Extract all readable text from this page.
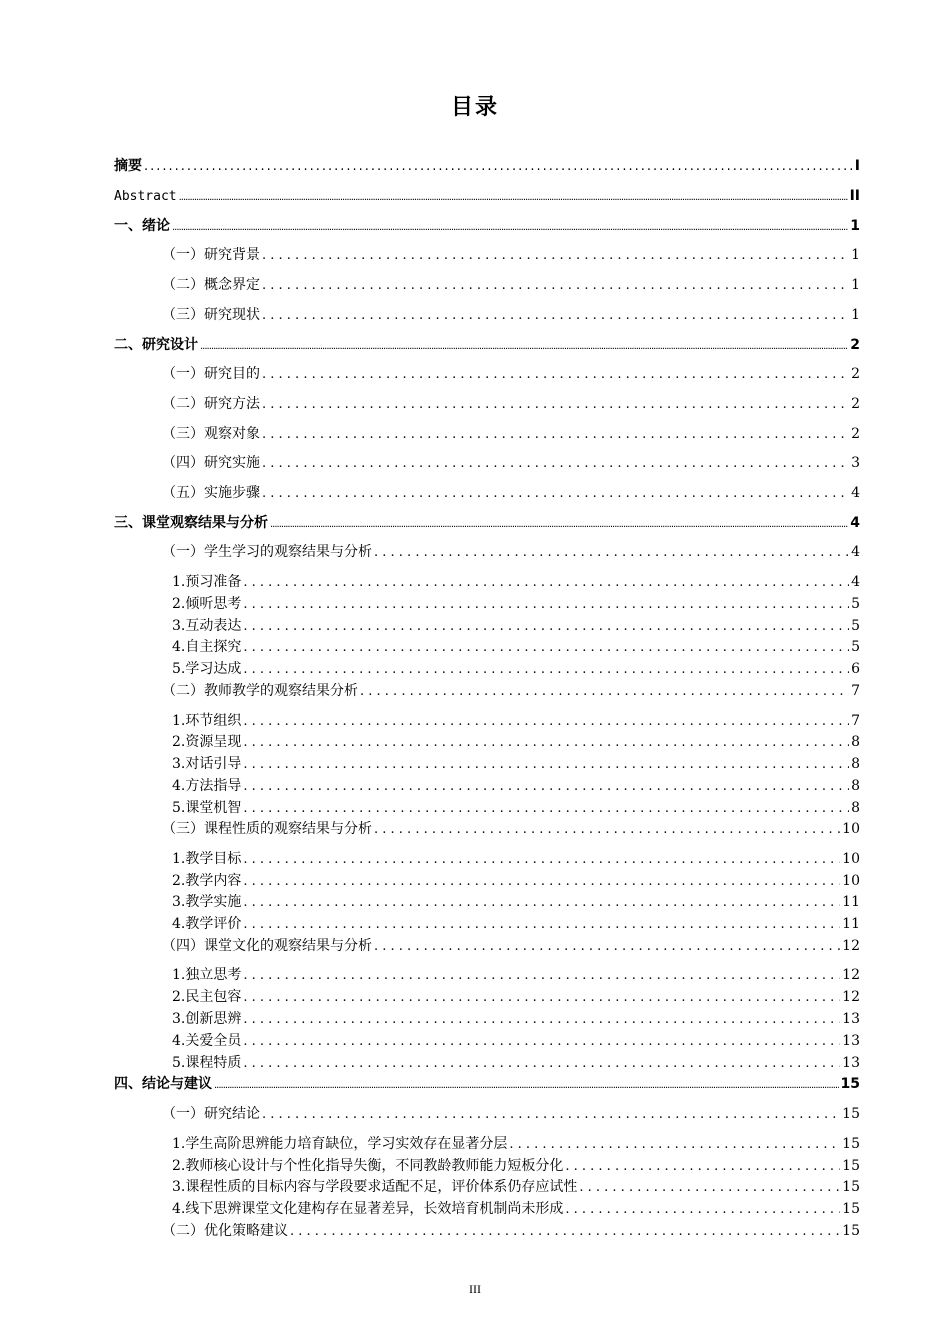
目录
摘要 .....	I
Abstract .....	II
一、绪论 .....	1
（一）研究背景 . . .	1
（二）概念界定 . . .	1
（三）研究现状 . . .	1
二、研究设计 .....	2
（一）研究目的 . . .	2
（二）研究方法 . . .	2
（三）观察对象 . . .	2
（四）研究实施 . . .	3
（五）实施步骤 . . .	4
三、课堂观察结果与分析 .....	4
（一）学生学习的观察结果与分析 . . .	4
1.预习准备 . . .	4
2.倾听思考 . . .	5
3.互动表达 . . .	5
4.自主探究 . . .	5
5.学习达成 . . .	6
（二）教师教学的观察结果分析 . . .	7
1.环节组织 . . .	7
2.资源呈现 . . .	8
3.对话引导 . . .	8
4.方法指导 . . .	8
5.课堂机智 . . .	8
（三）课程性质的观察结果与分析 . . .	10
1.教学目标 . . .	10
2.教学内容 . . .	10
3.教学实施 . . .	11
4.教学评价 . . .	11
（四）课堂文化的观察结果与分析 . . .	12
1.独立思考 . . .	12
2.民主包容 . . .	12
3.创新思辨 . . .	13
4.关爱全员 . . .	13
5.课程特质 . . .	13
四、结论与建议 .....	15
（一）研究结论 . . .	15
1.学生高阶思辨能力培育缺位，学习实效存在显著分层 . . .	15
2.教师核心设计与个性化指导失衡，不同教龄教师能力短板分化 . . .	15
3.课程性质的目标内容与学段要求适配不足，评价体系仍存应试性 . . .	15
4.线下思辨课堂文化建构存在显著差异，长效培育机制尚未形成 . . .	15
（二）优化策略建议 . . .	15
III
